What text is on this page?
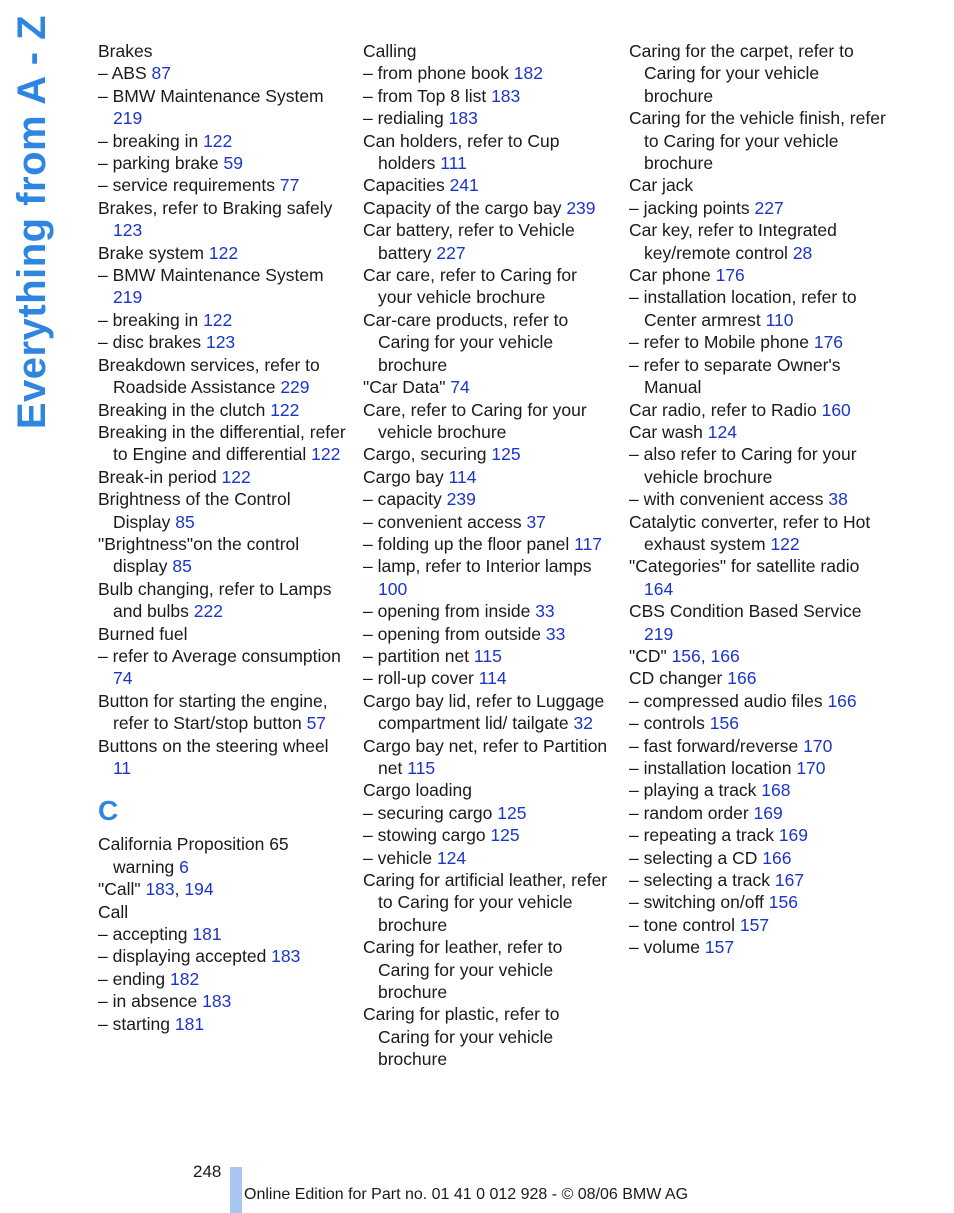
Everything from A - Z	Brakes
– ABS 87
– BMW Maintenance System 219
– breaking in 122
– parking brake 59
– service requirements 77
Brakes, refer to Braking safely 123
Brake system 122
– BMW Maintenance System 219
– breaking in 122
– disc brakes 123
Breakdown services, refer to Roadside Assistance 229
Breaking in the clutch 122
Breaking in the differential, refer to Engine and differential 122
Break-in period 122
Brightness of the Control Display 85
"Brightness"on the control display 85
Bulb changing, refer to Lamps and bulbs 222
Burned fuel
– refer to Average consumption 74
Button for starting the engine, refer to Start/stop button 57
Buttons on the steering wheel 11
C
California Proposition 65 warning 6
"Call" 183, 194
Call
– accepting 181
– displaying accepted 183
– ending 182
– in absence 183
– starting 181
Calling
– from phone book 182
– from Top 8 list 183
– redialing 183
Can holders, refer to Cup holders 111
Capacities 241
Capacity of the cargo bay 239
Car battery, refer to Vehicle battery 227
Car care, refer to Caring for your vehicle brochure
Car-care products, refer to Caring for your vehicle brochure
"Car Data" 74
Care, refer to Caring for your vehicle brochure
Cargo, securing 125
Cargo bay 114
– capacity 239
– convenient access 37
– folding up the floor panel 117
– lamp, refer to Interior lamps 100
– opening from inside 33
– opening from outside 33
– partition net 115
– roll-up cover 114
Cargo bay lid, refer to Luggage compartment lid/ tailgate 32
Cargo bay net, refer to Partition net 115
Cargo loading
– securing cargo 125
– stowing cargo 125
– vehicle 124
Caring for artificial leather, refer to Caring for your vehicle brochure
Caring for leather, refer to Caring for your vehicle brochure
Caring for plastic, refer to Caring for your vehicle brochure
Caring for the carpet, refer to Caring for your vehicle brochure
Caring for the vehicle finish, refer to Caring for your vehicle brochure
Car jack
– jacking points 227
Car key, refer to Integrated key/remote control 28
Car phone 176
– installation location, refer to Center armrest 110
– refer to Mobile phone 176
– refer to separate Owner's Manual
Car radio, refer to Radio 160
Car wash 124
– also refer to Caring for your vehicle brochure
– with convenient access 38
Catalytic converter, refer to Hot exhaust system 122
"Categories" for satellite radio 164
CBS Condition Based Service 219
"CD" 156, 166
CD changer 166
– compressed audio files 166
– controls 156
– fast forward/reverse 170
– installation location 170
– playing a track 168
– random order 169
– repeating a track 169
– selecting a CD 166
– selecting a track 167
– switching on/off 156
– tone control 157
– volume 157
248
Online Edition for Part no. 01 41 0 012 928 - © 08/06 BMW AG
